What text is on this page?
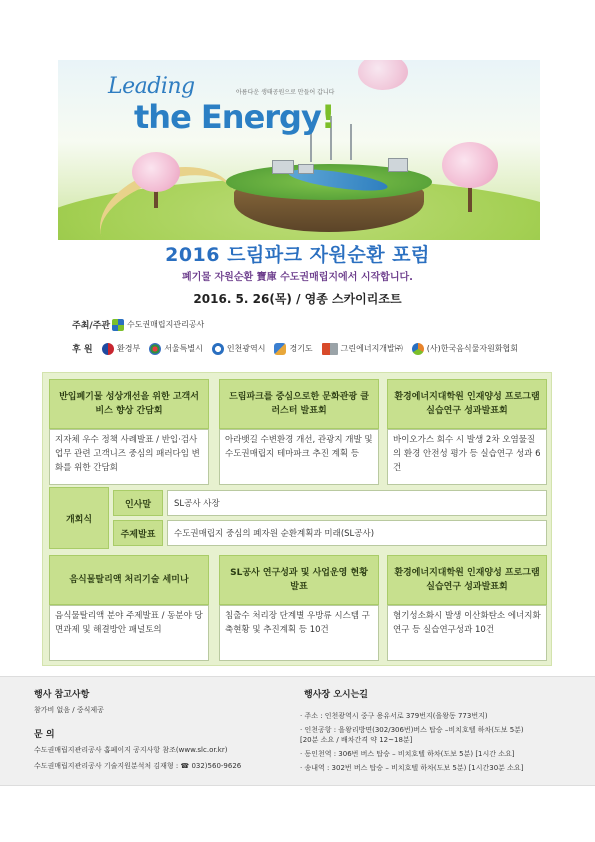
Leading	아름다운 생태공원으로 만들어 갑니다
the Energy!
2016 드림파크 자원순환 포럼
폐기물 자원순환 寶庫 수도권매립지에서 시작합니다.
2016. 5. 26(목) / 영종 스카이리조트
주최/주관 수도권매립지관리공사
후 원	환경부	서울특별시	인천광역시	경기도	그린에너지개발㈜	(사)한국음식물자원화협회
반입폐기물 성상개선을 위한 고객서비스 향상 간담회
지자체 우수 정책 사례발표 / 반입·검사업무 관련 고객니즈 중심의 패러다임 변화를 위한 간담회
드림파크를 중심으로한 문화관광 클러스터 발표회
아라뱃길 수변환경 개선, 관광지 개발 및 수도권매립지 테마파크 추진 계획 등
환경에너지대학원 인재양성 프로그램 실습연구 성과발표회
바이오가스 회수 시 발생 2차 오염물질의 환경 안전성 평가 등 실습연구 성과 6건
개회식
인사말	SL공사 사장
주제발표	수도권매립지 중심의 폐자원 순환계획과 미래(SL공사)
음식물탈리액 처리기술 세미나
음식물탈리액 분야 주제발표 / 동분야 당면과제 및 해결방안 패널토의
SL공사 연구성과 및 사업운영 현황 발표
침출수 처리장 단계별 우방류 시스템 구축현황 및 추진계획 등 10건
환경에너지대학원 인재양성 프로그램 실습연구 성과발표회
혐기성소화시 발생 이산화탄소 에너지화 연구 등 실습연구성과 10건
행사 참고사항
참가비 없음 / 중식제공
문 의
수도권매립지관리공사 홈페이지 공지사항 참조(www.slc.or.kr)
수도권매립지관리공사 기술지원분석처 김재형 : ☎ 032)560-9626
행사장 오시는길
· 주소 : 인천광역시 중구 용유서로 379번지(을왕동 773번지)
· 인천공항 : 을왕리방면(302/306번)버스 탑승 –비치호텔 하차(도보 5분)
[20분 소요 / 배차간격 약 12~18분]
· 동인천역 : 306번 버스 탑승 – 비치호텔 하차(도보 5분) [1시간 소요]
· 송내역 : 302번 버스 탑승 – 비치호텔 하차(도보 5분) [1시간30분 소요]
